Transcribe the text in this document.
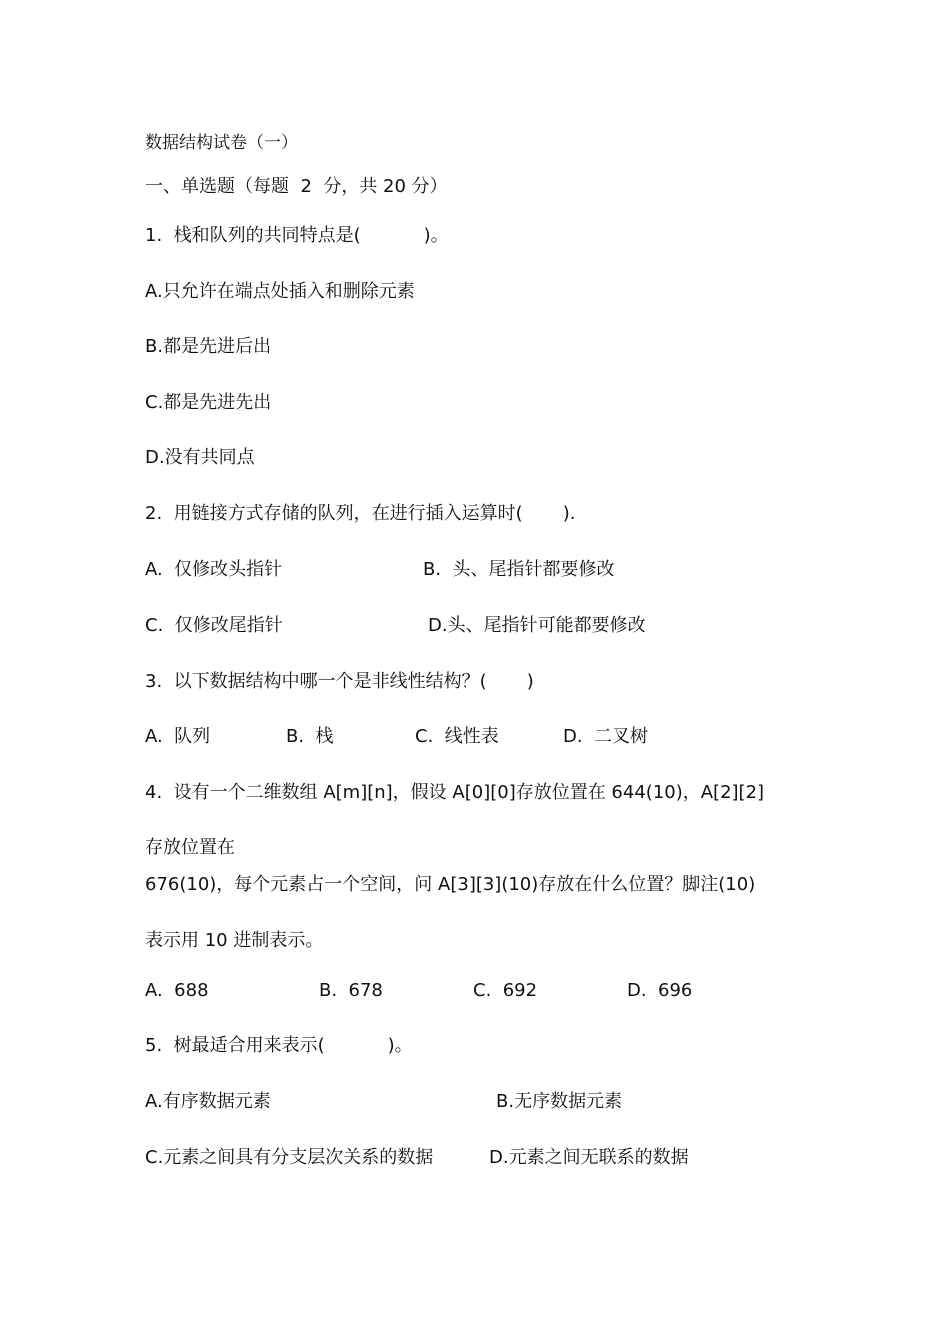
数据结构试卷（一）
一、单选题（每题  2  分，共 20 分）
1.  栈和队列的共同特点是(           )。
A.只允许在端点处插入和删除元素
B.都是先进后出
C.都是先进先出
D.没有共同点
2.  用链接方式存储的队列，在进行插入运算时(       ).
A.  仅修改头指针	B.  头、尾指针都要修改
C.  仅修改尾指针	D.头、尾指针可能都要修改
3.  以下数据结构中哪一个是非线性结构？(       )
A.  队列	B.  栈	C.  线性表	D.  二叉树
4.  设有一个二维数组 A[m][n]，假设 A[0][0]存放位置在 644(10)，A[2][2]
存放位置在
676(10)，每个元素占一个空间，问 A[3][3](10)存放在什么位置？脚注(10)
表示用 10 进制表示。
A.  688	B.  678	C.  692	D.  696
5.  树最适合用来表示(           )。
A.有序数据元素	B.无序数据元素
C.元素之间具有分支层次关系的数据	D.元素之间无联系的数据
